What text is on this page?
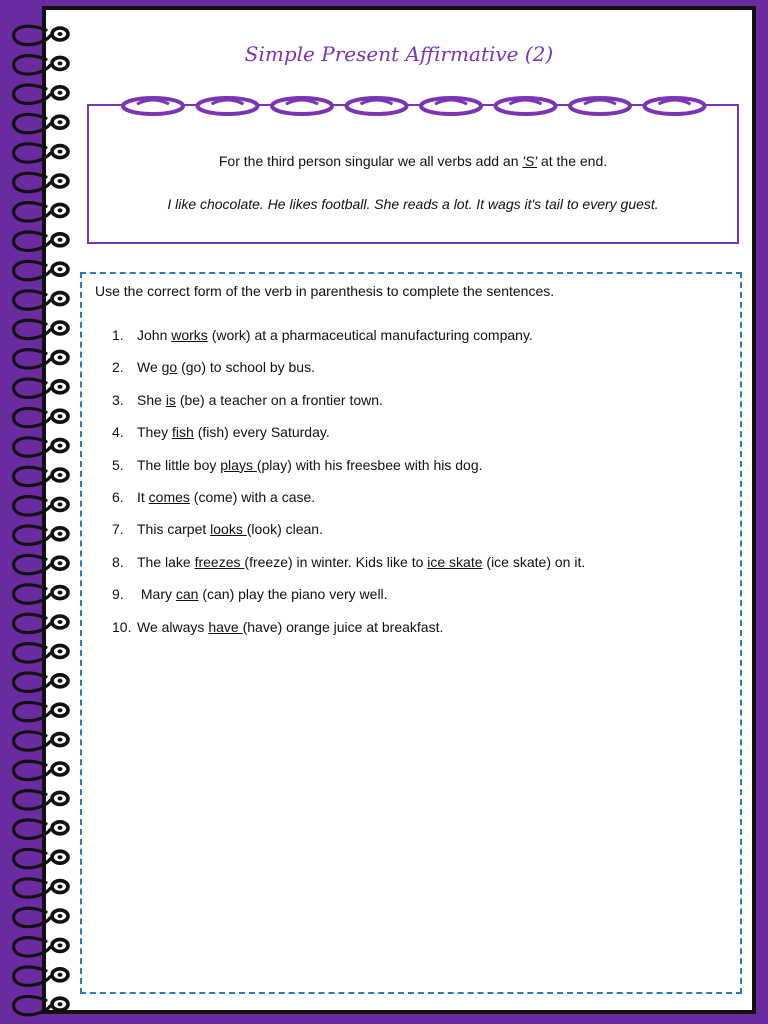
Simple Present Affirmative (2)
For the third person singular we all verbs add an 'S' at the end.
I like chocolate. He likes football. She reads a lot. It wags it's tail to every guest.
Use the correct form of the verb in parenthesis to complete the sentences.
1. John works (work) at a pharmaceutical manufacturing company.
2. We go (go) to school by bus.
3. She is (be) a teacher on a frontier town.
4. They fish (fish) every Saturday.
5. The little boy plays (play) with his freesbee with his dog.
6. It comes (come) with a case.
7. This carpet looks (look) clean.
8. The lake freezes (freeze) in winter. Kids like to ice skate (ice skate) on it.
9. Mary can (can) play the piano very well.
10. We always have (have) orange juice at breakfast.
